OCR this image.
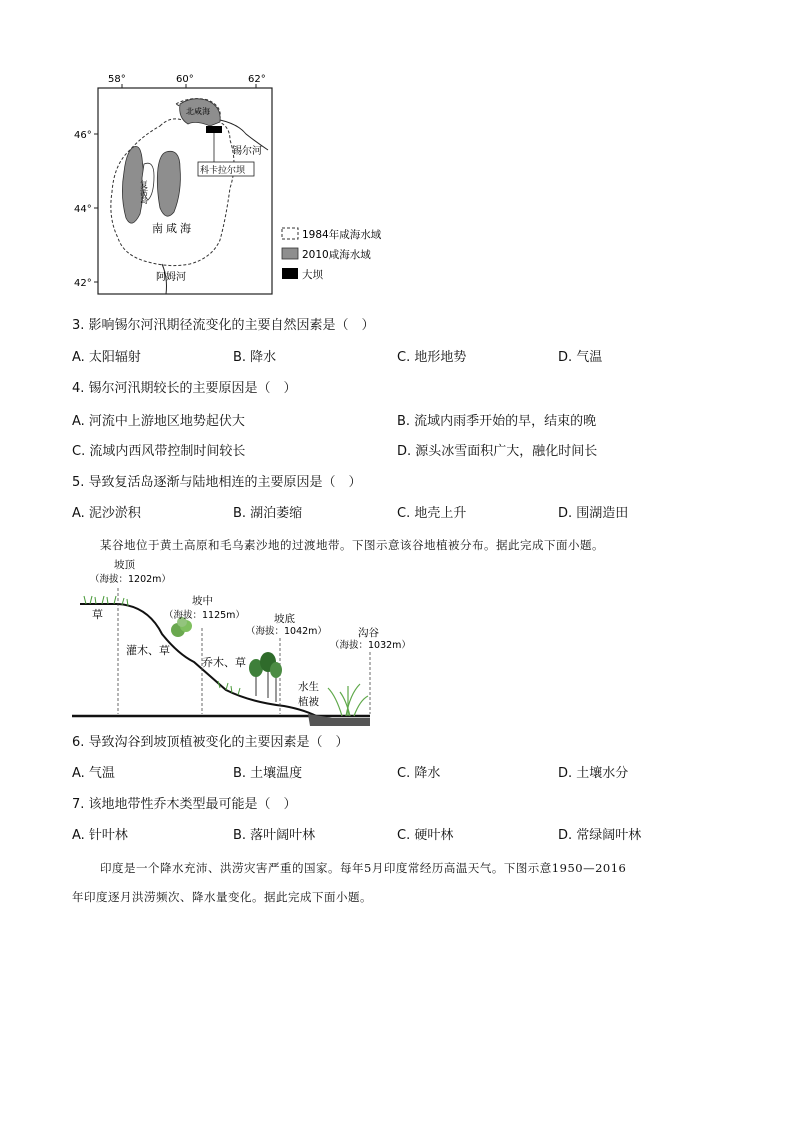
58°	60°	62°
46°
44°
42°
北咸海
锡尔河
科卡拉尔坝
复活岛
南咸海
阿姆河
1984年咸海水域
2010咸海水域
大坝
3. 影响锡尔河汛期径流变化的主要自然因素是（　）
A. 太阳辐射	B. 降水	C. 地形地势	D. 气温
4. 锡尔河汛期较长的主要原因是（　）
A. 河流中上游地区地势起伏大	B. 流域内雨季开始的早，结束的晚
C. 流域内西风带控制时间较长	D. 源头冰雪面积广大，融化时间长
5. 导致复活岛逐渐与陆地相连的主要原因是（　）
A. 泥沙淤积	B. 湖泊萎缩	C. 地壳上升	D. 围湖造田
某谷地位于黄土高原和毛乌素沙地的过渡地带。下图示意该谷地植被分布。据此完成下面小题。
坡顶
（海拔：1202m）
坡中
（海拔：1125m）	坡底
（海拔：1042m）	沟谷
（海拔：1032m）
草
灌木、草
乔木、草
水生
植被
6. 导致沟谷到坡顶植被变化的主要因素是（　）
A. 气温	B. 土壤温度	C. 降水	D. 土壤水分
7. 该地地带性乔木类型最可能是（　）
A. 针叶林	B. 落叶阔叶林	C. 硬叶林	D. 常绿阔叶林
印度是一个降水充沛、洪涝灾害严重的国家。每年5月印度常经历高温天气。下图示意1950—2016
年印度逐月洪涝频次、降水量变化。据此完成下面小题。
